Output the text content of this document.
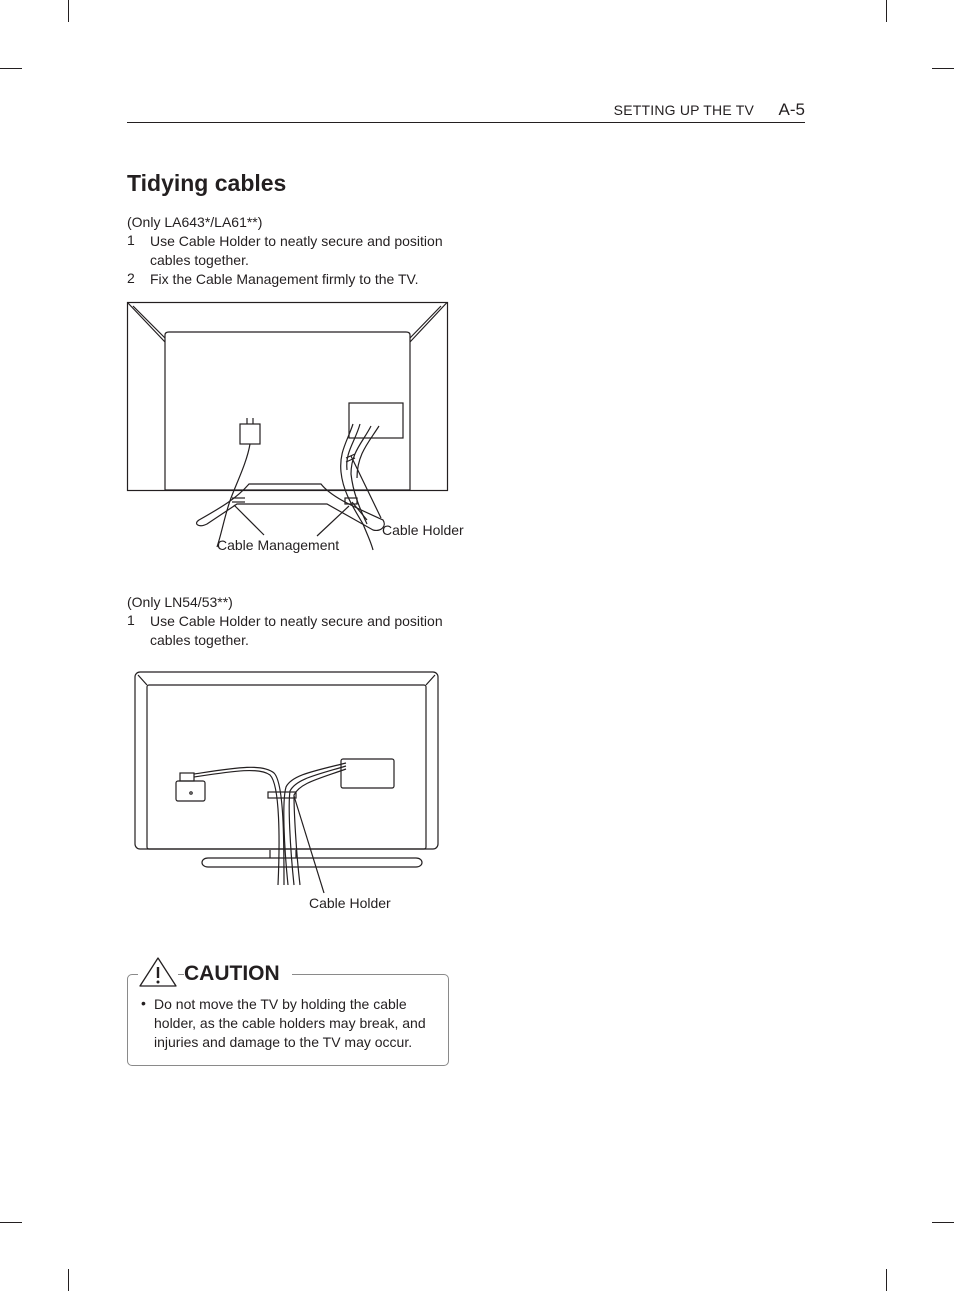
SETTING UP THE TV A-5
Tidying cables
(Only LA643*/LA61**)
1 Use Cable Holder to neatly secure and position cables together.
2 Fix the Cable Management firmly to the TV.
Cable Holder
Cable Management
(Only LN54/53**)
1 Use Cable Holder to neatly secure and position cables together.
Cable Holder
CAUTION
• Do not move the TV by holding the cable holder, as the cable holders may break, and injuries and damage to the TV may occur.
